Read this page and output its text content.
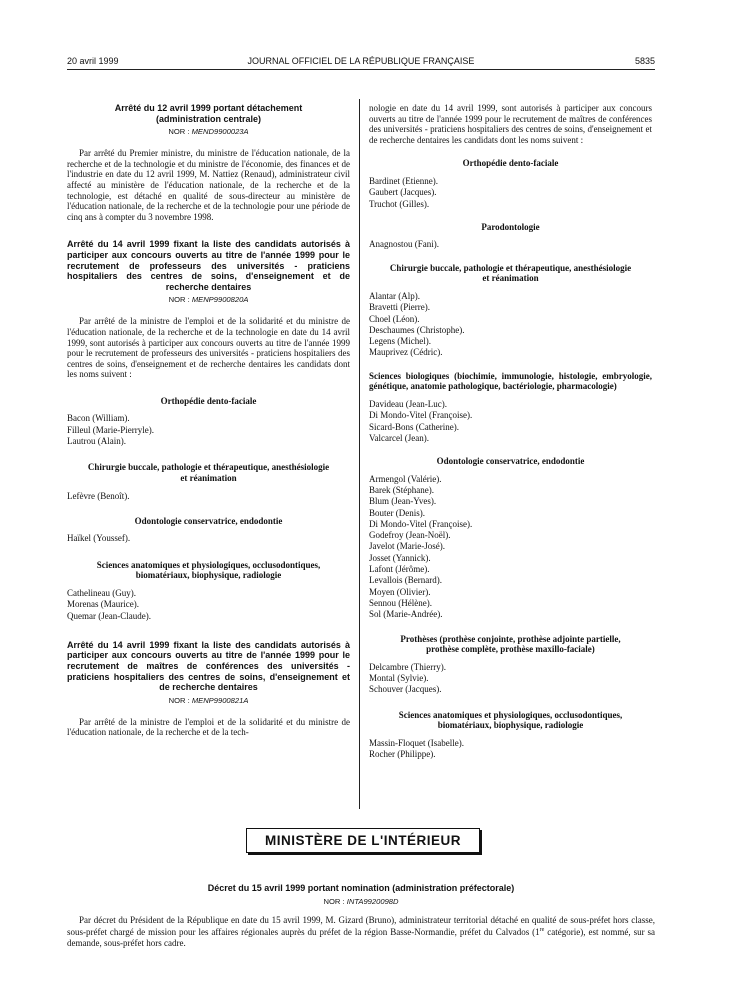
20 avril 1999	JOURNAL OFFICIEL DE LA RÉPUBLIQUE FRANÇAISE	5835
Arrêté du 12 avril 1999 portant détachement (administration centrale)
NOR : MEND9900023A

Par arrêté du Premier ministre, du ministre de l'éducation nationale, de la recherche et de la technologie et du ministre de l'économie, des finances et de l'industrie en date du 12 avril 1999, M. Nattiez (Renaud), administrateur civil affecté au ministère de l'éducation nationale, de la recherche et de la technologie, est détaché en qualité de sous-directeur au ministère de l'éducation nationale, de la recherche et de la technologie pour une période de cinq ans à compter du 3 novembre 1998.

Arrêté du 14 avril 1999 fixant la liste des candidats autorisés à participer aux concours ouverts au titre de l'année 1999 pour le recrutement de professeurs des universités - praticiens hospitaliers des centres de soins, d'enseignement et de recherche dentaires
NOR : MENP9900820A

Par arrêté de la ministre de l'emploi et de la solidarité et du ministre de l'éducation nationale, de la recherche et de la technologie en date du 14 avril 1999, sont autorisés à participer aux concours ouverts au titre de l'année 1999 pour le recrutement de professeurs des universités - praticiens hospitaliers des centres de soins, d'enseignement et de recherche dentaires les candidats dont les noms suivent :

Orthopédie dento-faciale
Bacon (William).
Filleul (Marie-Pierryle).
Lautrou (Alain).
Chirurgie buccale, pathologie et thérapeutique, anesthésiologie et réanimation
Lefèvre (Benoît).
Odontologie conservatrice, endodontie
Haïkel (Youssef).
Sciences anatomiques et physiologiques, occlusodontiques, biomatériaux, biophysique, radiologie
Cathelineau (Guy).
Morenas (Maurice).
Quemar (Jean-Claude).
Arrêté du 14 avril 1999 fixant la liste des candidats autorisés à participer aux concours ouverts au titre de l'année 1999 pour le recrutement de maîtres de conférences des universités - praticiens hospitaliers des centres de soins, d'enseignement et de recherche dentaires
NOR : MENP9900821A

Par arrêté de la ministre de l'emploi et de la solidarité et du ministre de l'éducation nationale, de la recherche et de la tech-

nologie en date du 14 avril 1999, sont autorisés à participer aux concours ouverts au titre de l'année 1999 pour le recrutement de maîtres de conférences des universités - praticiens hospitaliers des centres de soins, d'enseignement et de recherche dentaires les candidats dont les noms suivent :

Orthopédie dento-faciale
Bardinet (Etienne).
Gaubert (Jacques).
Truchot (Gilles).
Parodontologie
Anagnostou (Fani).
Chirurgie buccale, pathologie et thérapeutique, anesthésiologie et réanimation
Alantar (Alp).
Bravetti (Pierre).
Choel (Léon).
Deschaumes (Christophe).
Legens (Michel).
Mauprivez (Cédric).
Sciences biologiques (biochimie, immunologie, histologie, embryologie, génétique, anatomie pathologique, bactériologie, pharmacologie)
Davideau (Jean-Luc).
Di Mondo-Vitel (Françoise).
Sicard-Bons (Catherine).
Valcarcel (Jean).
Odontologie conservatrice, endodontie
Armengol (Valérie).
Barek (Stéphane).
Blum (Jean-Yves).
Bouter (Denis).
Di Mondo-Vitel (Françoise).
Godefroy (Jean-Noël).
Javelot (Marie-José).
Josset (Yannick).
Lafont (Jérôme).
Levallois (Bernard).
Moyen (Olivier).
Sennou (Hélène).
Sol (Marie-Andrée).
Prothèses (prothèse conjointe, prothèse adjointe partielle, prothèse complète, prothèse maxillo-faciale)
Delcambre (Thierry).
Montal (Sylvie).
Schouver (Jacques).
Sciences anatomiques et physiologiques, occlusodontiques, biomatériaux, biophysique, radiologie
Massin-Floquet (Isabelle).
Rocher (Philippe).
MINISTÈRE DE L'INTÉRIEUR
Décret du 15 avril 1999 portant nomination (administration préfectorale)
NOR : INTA9920098D

Par décret du Président de la République en date du 15 avril 1999, M. Gizard (Bruno), administrateur territorial détaché en qualité de sous-préfet hors classe, sous-préfet chargé de mission pour les affaires régionales auprès du préfet de la région Basse-Normandie, préfet du Calvados (1re catégorie), est nommé, sur sa demande, sous-préfet hors cadre.
